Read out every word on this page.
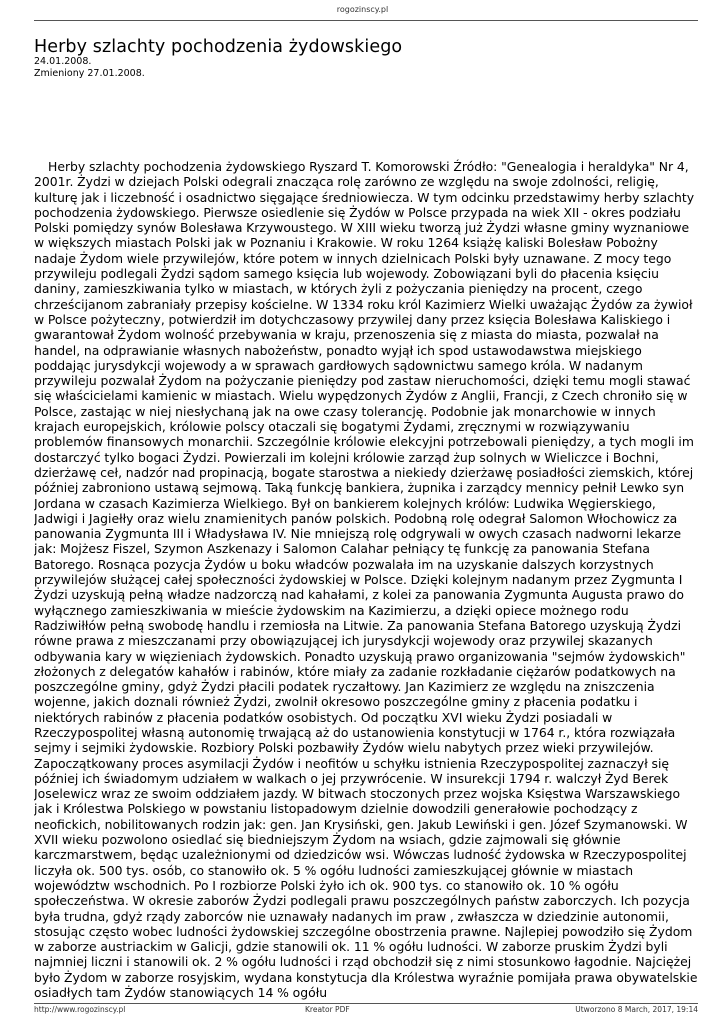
rogozinscy.pl
Herby szlachty pochodzenia żydowskiego
24.01.2008.
Zmieniony 27.01.2008.

Herby szlachty pochodzenia żydowskiego Ryszard T. Komorowski Źródło: "Genealogia i heraldyka" Nr 4, 2001r. Żydzi w dziejach Polski odegrali znacząca rolę zarówno ze względu na swoje zdolności, religię, kulturę jak i liczebność i osadnictwo sięgające średniowiecza. W tym odcinku przedstawimy herby szlachty pochodzenia żydowskiego. Pierwsze osiedlenie się Żydów w Polsce przypada na wiek XII - okres podziału Polski pomiędzy synów Bolesława Krzywoustego. W XIII wieku tworzą już Żydzi własne gminy wyznaniowe w większych miastach Polski jak w Poznaniu i Krakowie. W roku 1264 książę kaliski Bolesław Pobożny nadaje Żydom wiele przywilejów, które potem w innych dzielnicach Polski były uznawane. Z mocy tego przywileju podlegali Żydzi sądom samego księcia lub wojewody. Zobowiązani byli do płacenia księciu daniny, zamieszkiwania tylko w miastach, w których żyli z pożyczania pieniędzy na procent, czego chrześcijanom zabraniały przepisy kościelne. W 1334 roku król Kazimierz Wielki uważając Żydów za żywioł w Polsce pożyteczny, potwierdził im dotychczasowy przywilej dany przez księcia Bolesława Kaliskiego i gwarantował Żydom wolność przebywania w kraju, przenoszenia się z miasta do miasta, pozwalał na handel, na odprawianie własnych nabożeństw, ponadto wyjął ich spod ustawodawstwa miejskiego poddając jurysdykcji wojewody a w sprawach gardłowych sądownictwu samego króla. W nadanym przywileju pozwalał Żydom na pożyczanie pieniędzy pod zastaw nieruchomości, dzięki temu mogli stawać się właścicielami kamienic w miastach. Wielu wypędzonych Żydów z Anglii, Francji, z Czech chroniło się w Polsce, zastając w niej niesłychaną jak na owe czasy tolerancję. Podobnie jak monarchowie w innych krajach europejskich, królowie polscy otaczali się bogatymi Żydami, zręcznymi w rozwiązywaniu problemów finansowych monarchii. Szczególnie królowie elekcyjni potrzebowali pieniędzy, a tych mogli im dostarczyć tylko bogaci Żydzi. Powierzali im kolejni królowie zarząd żup solnych w Wieliczce i Bochni, dzierżawę ceł, nadzór nad propinacją, bogate starostwa a niekiedy dzierżawę posiadłości ziemskich, której później zabroniono ustawą sejmową. Taką funkcję bankiera, żupnika i zarządcy mennicy pełnił Lewko syn Jordana w czasach Kazimierza Wielkiego. Był on bankierem kolejnych królów: Ludwika Węgierskiego, Jadwigi i Jagiełły oraz wielu znamienitych panów polskich. Podobną rolę odegrał Salomon Włochowicz za panowania Zygmunta III i Władysława IV. Nie mniejszą rolę odgrywali w owych czasach nadworni lekarze jak: Mojżesz Fiszel, Szymon Aszkenazy i Salomon Calahar pełniący tę funkcję za panowania Stefana Batorego. Rosnąca pozycja Żydów u boku władców pozwalała im na uzyskanie dalszych korzystnych przywilejów służącej całej społeczności żydowskiej w Polsce. Dzięki kolejnym nadanym przez Zygmunta I Żydzi uzyskują pełną władze nadzorczą nad kahałami, z kolei za panowania Zygmunta Augusta prawo do wyłącznego zamieszkiwania w mieście żydowskim na Kazimierzu, a dzięki opiece możnego rodu Radziwiłłów pełną swobodę handlu i rzemiosła na Litwie. Za panowania Stefana Batorego uzyskują Żydzi równe prawa z mieszczanami przy obowiązującej ich jurysdykcji wojewody oraz przywilej skazanych odbywania kary w więzieniach żydowskich. Ponadto uzyskują prawo organizowania "sejmów żydowskich" złożonych z delegatów kahałów i rabinów, które miały za zadanie rozkładanie ciężarów podatkowych na poszczególne gminy, gdyż Żydzi płacili podatek ryczałtowy. Jan Kazimierz ze względu na zniszczenia wojenne, jakich doznali również Żydzi, zwolnił okresowo poszczególne gminy z płacenia podatku i niektórych rabinów z płacenia podatków osobistych. Od początku XVI wieku Żydzi posiadali w Rzeczypospolitej własną autonomię trwającą aż do ustanowienia konstytucji w 1764 r., która rozwiązała sejmy i sejmiki żydowskie. Rozbiory Polski pozbawiły Żydów wielu nabytych przez wieki przywilejów. Zapoczątkowany proces asymilacji Żydów i neofitów u schyłku istnienia Rzeczypospolitej zaznaczył się później ich świadomym udziałem w walkach o jej przywrócenie. W insurekcji 1794 r. walczył Żyd Berek Joselewicz wraz ze swoim oddziałem jazdy. W bitwach stoczonych przez wojska Księstwa Warszawskiego jak i Królestwa Polskiego w powstaniu listopadowym dzielnie dowodzili generałowie pochodzący z neofickich, nobilitowanych rodzin jak: gen. Jan Krysiński, gen. Jakub Lewiński i gen. Józef Szymanowski. W XVII wieku pozwolono osiedlać się biedniejszym Żydom na wsiach, gdzie zajmowali się głównie karczmarstwem, będąc uzależnionymi od dziedziców wsi. Wówczas ludność żydowska w Rzeczypospolitej liczyła ok. 500 tys. osób, co stanowiło ok. 5 % ogółu ludności zamieszkującej głównie w miastach województw wschodnich. Po I rozbiorze Polski żyło ich ok. 900 tys. co stanowiło ok. 10 % ogółu społeczeństwa. W okresie zaborów Żydzi podlegali prawu poszczególnych państw zaborczych. Ich pozycja była trudna, gdyż rządy zaborców nie uznawały nadanych im praw , zwłaszcza w dziedzinie autonomii, stosując często wobec ludności żydowskiej szczególne obostrzenia prawne. Najlepiej powodziło się Żydom w zaborze austriackim w Galicji, gdzie stanowili ok. 11 % ogółu ludności. W zaborze pruskim Żydzi byli najmniej liczni i stanowili ok. 2 % ogółu ludności i rząd obchodził się z nimi stosunkowo łagodnie. Najciężej było Żydom w zaborze rosyjskim, wydana konstytucja dla Królestwa wyraźnie pomijała prawa obywatelskie osiadłych tam Żydów stanowiących 14 % ogółu

http://www.rogozinscy.pl	Kreator PDF	Utworzono 8 March, 2017, 19:14
